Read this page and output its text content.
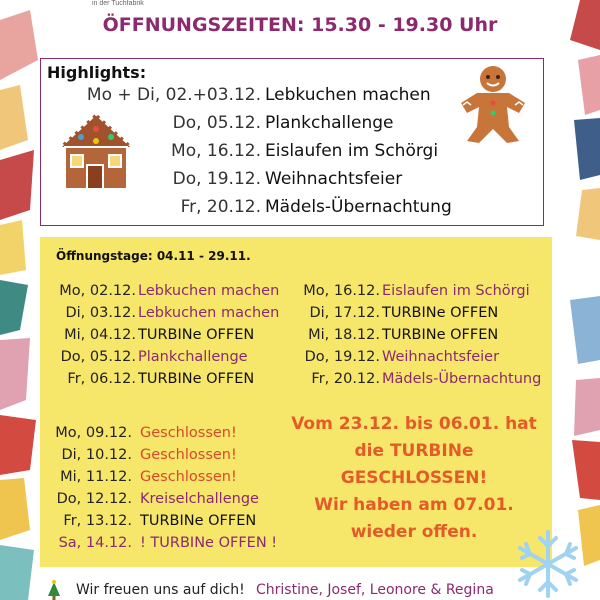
in der Tuchfabrik
ÖFFNUNGSZEITEN: 15.30 - 19.30 Uhr
Highlights:
Mo + Di, 02.+03.12. Lebkuchen machen
Do, 05.12. Plankchallenge
Mo, 16.12. Eislaufen im Schörgi
Do, 19.12. Weihnachtsfeier
Fr, 20.12. Mädels-Übernachtung
Öffnungstage: 04.11 - 29.11.
Mo, 02.12. Lebkuchen machen
Di, 03.12. Lebkuchen machen
Mi, 04.12. TURBINe OFFEN
Do, 05.12. Plankchallenge
Fr, 06.12. TURBINe OFFEN
Mo, 16.12. Eislaufen im Schörgi
Di, 17.12. TURBINe OFFEN
Mi, 18.12. TURBINe OFFEN
Do, 19.12. Weihnachtsfeier
Fr, 20.12. Mädels-Übernachtung
Mo, 09.12. Geschlossen!
Di, 10.12. Geschlossen!
Mi, 11.12. Geschlossen!
Do, 12.12. Kreiselchallenge
Fr, 13.12. TURBINe OFFEN
Sa, 14.12. ! TURBINe OFFEN !
Vom 23.12. bis 06.01. hat
die TURBINe
GESCHLOSSEN!
Wir haben am 07.01.
wieder offen.
Wir freuen uns auf dich! Christine, Josef, Leonore & Regina
